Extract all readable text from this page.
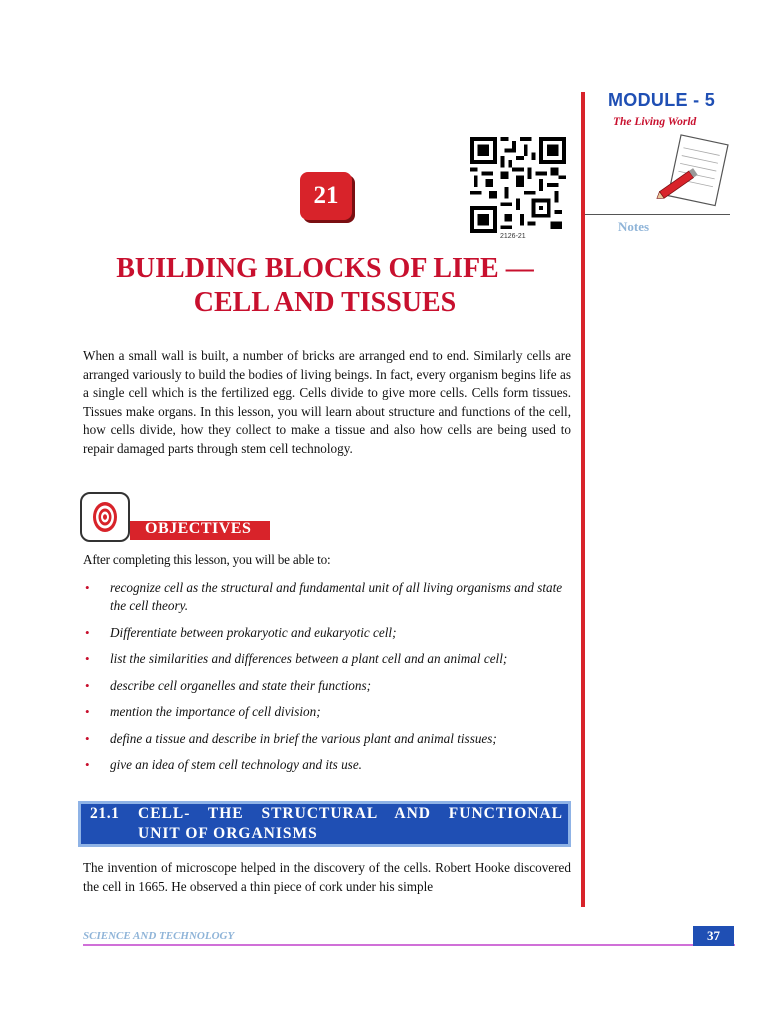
MODULE - 5
The Living World
Notes
21
2126-21
BUILDING BLOCKS OF LIFE —
CELL AND TISSUES
When a small wall is built, a number of bricks are arranged end to end. Similarly cells are arranged variously to build the bodies of living beings. In fact, every organism begins life as a single cell which is the fertilized egg. Cells divide to give more cells. Cells form tissues. Tissues make organs. In this lesson, you will learn about structure and functions of the cell, how cells divide, how they collect to make a tissue and also how cells are being used to repair damaged parts through stem cell technology.
OBJECTIVES
After completing this lesson, you will be able to:
• recognize cell as the structural and fundamental unit of all living organisms and state the cell theory.
• Differentiate between prokaryotic and eukaryotic cell;
• list the similarities and differences between a plant cell and an animal cell;
• describe cell organelles and state their functions;
• mention the importance of cell division;
• define a tissue and describe in brief the various plant and animal tissues;
• give an idea of stem cell technology and its use.
21.1 CELL- THE STRUCTURAL AND FUNCTIONAL
UNIT OF ORGANISMS
The invention of microscope helped in the discovery of the cells. Robert Hooke discovered the cell in 1665. He observed a thin piece of cork under his simple
SCIENCE AND TECHNOLOGY	37
